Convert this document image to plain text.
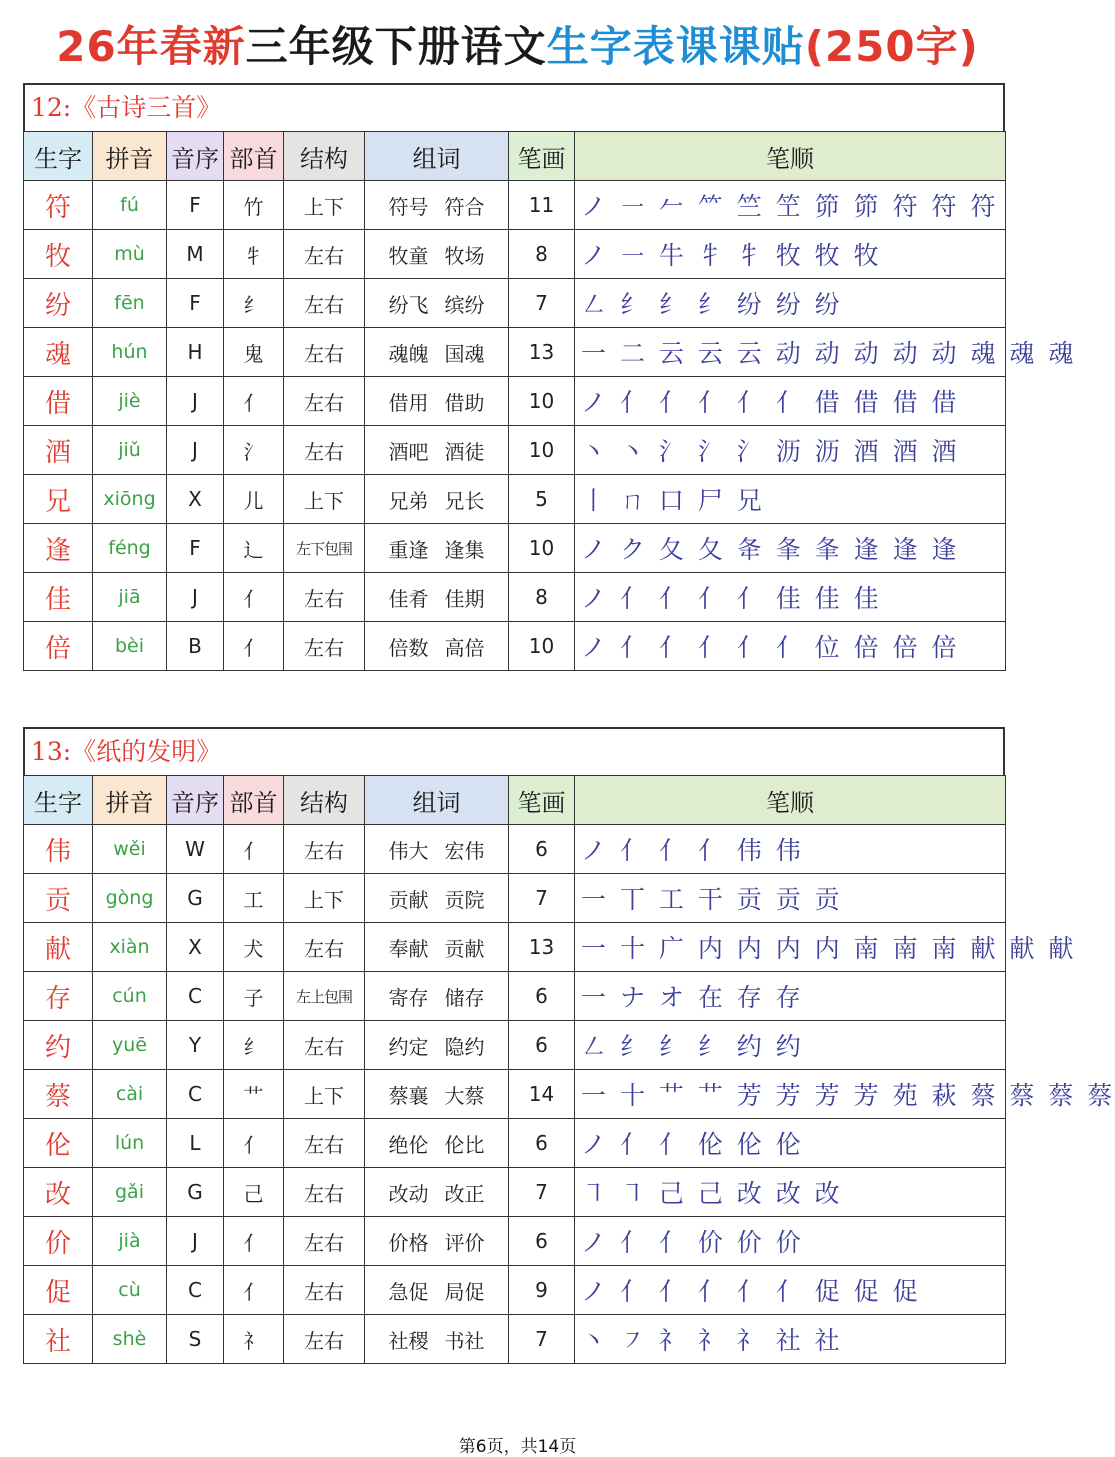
26年春新三年级下册语文生字表课课贴(250字)
12:《古诗三首》
生字	拼音	音序	部首	结构	组词	笔画	笔顺
符	fú	F	竹	上下	符号 符合	11	ノ ㇐ 𠂉 ⺮ 竺 笁 笷 笷 符 符 符
牧	mù	M	牜	左右	牧童 牧场	8	ノ ㇐ 牛 牜 牜 牧 牧 牧
纷	fēn	F	纟	左右	纷飞 缤纷	7	㇜ 纟 纟 纟 纷 纷 纷
魂	hún	H	鬼	左右	魂魄 国魂	13	一 二 云 云 云 动 动 动 动 动 魂 魂 魂
借	jiè	J	亻	左右	借用 借助	10	ノ 亻 亻 亻 亻 亻 借 借 借 借
酒	jiǔ	J	氵	左右	酒吧 酒徒	10	丶 丶 氵 氵 氵 沥 沥 酒 酒 酒
兄	xiōng	X	儿	上下	兄弟 兄长	5	丨 ㄇ 口 尸 兄
逢	féng	F	辶	左下包围	重逢 逢集	10	ノ ク 夂 夂 夅 夆 夆 逢 逢 逢
佳	jiā	J	亻	左右	佳肴 佳期	8	ノ 亻 亻 亻 亻 佳 佳 佳
倍	bèi	B	亻	左右	倍数 高倍	10	ノ 亻 亻 亻 亻 亻 位 倍 倍 倍
13:《纸的发明》
生字	拼音	音序	部首	结构	组词	笔画	笔顺
伟	wěi	W	亻	左右	伟大 宏伟	6	ノ 亻 亻 亻 伟 伟
贡	gòng	G	工	上下	贡献 贡院	7	一 丅 工 干 贡 贡 贡
献	xiàn	X	犬	左右	奉献 贡献	13	一 十 广 内 内 内 内 南 南 南 献 献 献
存	cún	C	子	左上包围	寄存 储存	6	一 ナ オ 在 存 存
约	yuē	Y	纟	左右	约定 隐约	6	㇜ 纟 纟 纟 约 约
蔡	cài	C	艹	上下	蔡襄 大蔡	14	一 十 艹 艹 芳 芳 芳 芳 苑 萩 蔡 蔡 蔡 蔡
伦	lún	L	亻	左右	绝伦 伦比	6	ノ 亻 亻 伦 伦 伦
改	gǎi	G	己	左右	改动 改正	7	㇕ ㇕ 己 己 改 改 改
价	jià	J	亻	左右	价格 评价	6	ノ 亻 亻 价 价 价
促	cù	C	亻	左右	急促 局促	9	ノ 亻 亻 亻 亻 亻 促 促 促
社	shè	S	礻	左右	社稷 书社	7	丶 ㇇ 礻 礻 礻 社 社
第6页，共14页
